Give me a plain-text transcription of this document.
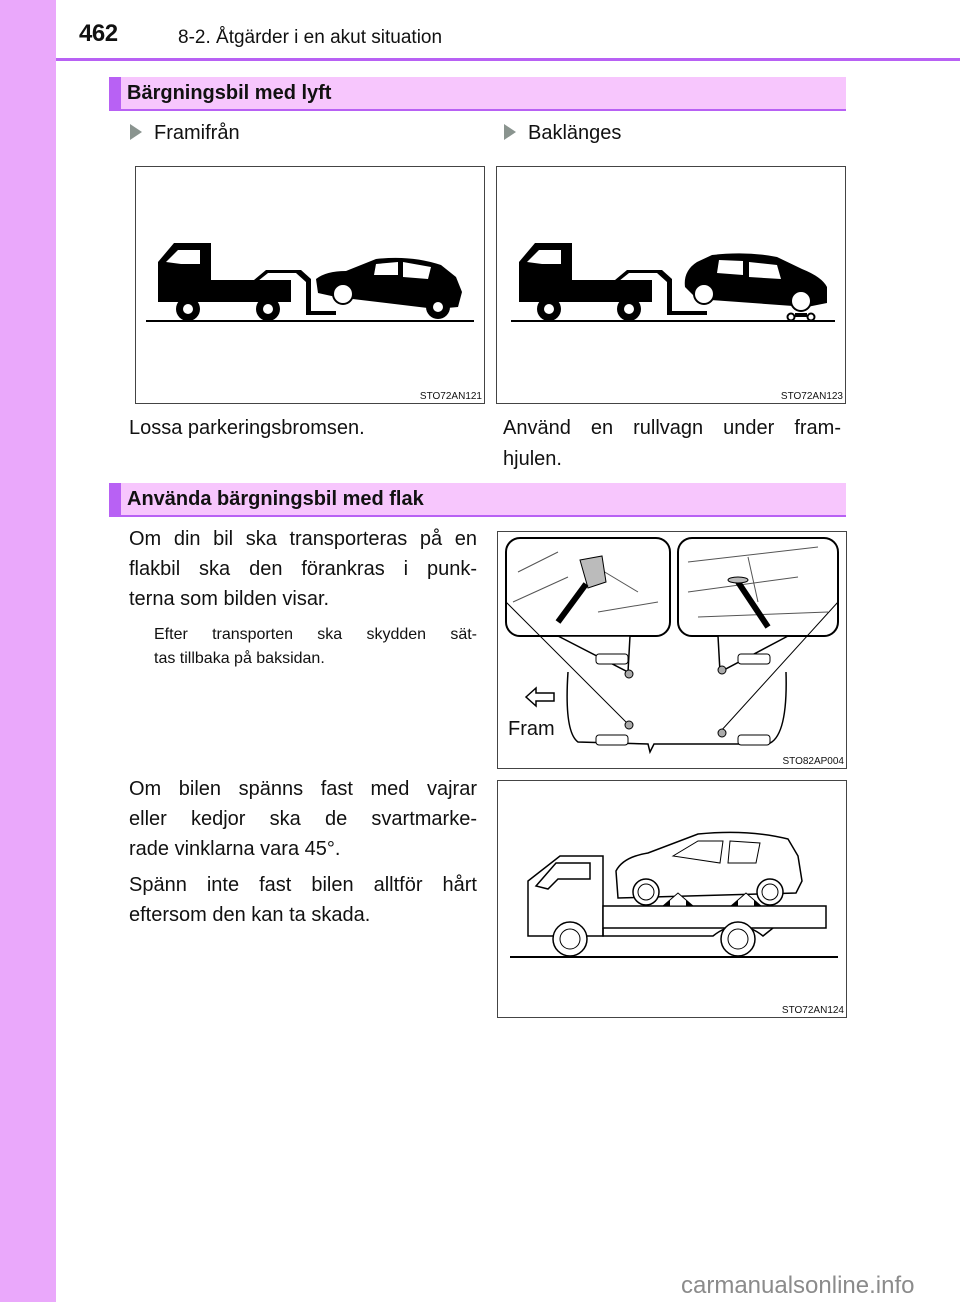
462	8-2. Åtgärder i en akut situation
Bärgningsbil med lyft
Framifrån	Baklänges
STO72AN121	STO72AN123
Lossa parkeringsbromsen.	Använd en rullvagn under fram-
hjulen.
Använda bärgningsbil med flak
Om din bil ska transporteras på en
flakbil ska den förankras i punk-
terna som bilden visar.
Efter transporten ska skydden sät-
tas tillbaka på baksidan.
Fram
STO82AP004
Om bilen spänns fast med vajrar
eller kedjor ska de svartmarke-
rade vinklarna vara 45°.
Spänn inte fast bilen alltför hårt
eftersom den kan ta skada.
STO72AN124
carmanualsonline.info
